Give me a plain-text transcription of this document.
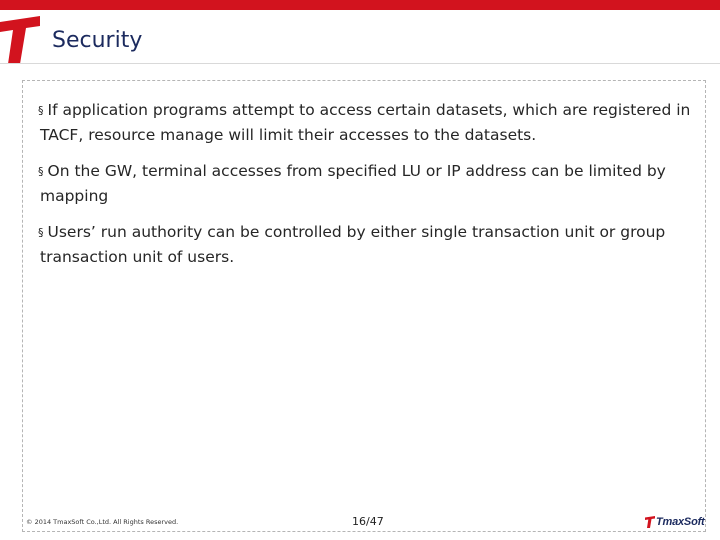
Security
§ If application programs attempt to access certain datasets, which are registered in TACF, resource manage will limit their accesses to the datasets.
§ On the GW, terminal accesses from specified LU or IP address can be limited by mapping
§ Users’ run authority can be controlled by either single transaction unit or group transaction unit of users.
© 2014 TmaxSoft Co.,Ltd. All Rights Reserved.	16/47	TmaxSoft
